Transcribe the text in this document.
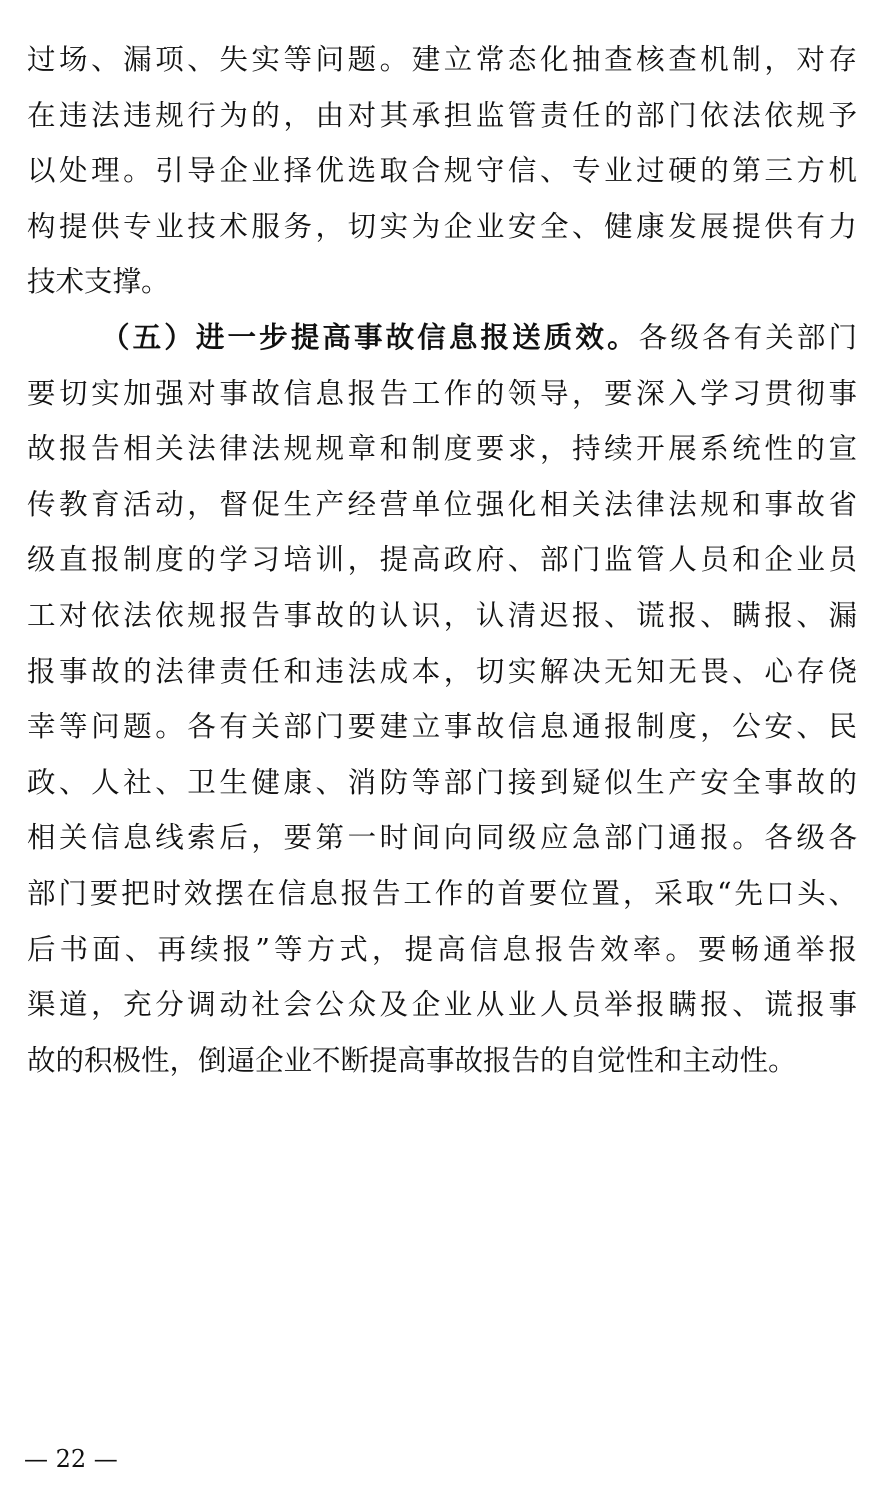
过场、漏项、失实等问题。建立常态化抽查核查机制，对存
在违法违规行为的，由对其承担监管责任的部门依法依规予
以处理。引导企业择优选取合规守信、专业过硬的第三方机
构提供专业技术服务，切实为企业安全、健康发展提供有力
技术支撑。
（五）进一步提高事故信息报送质效。各级各有关部门
要切实加强对事故信息报告工作的领导，要深入学习贯彻事
故报告相关法律法规规章和制度要求，持续开展系统性的宣
传教育活动，督促生产经营单位强化相关法律法规和事故省
级直报制度的学习培训，提高政府、部门监管人员和企业员
工对依法依规报告事故的认识，认清迟报、谎报、瞒报、漏
报事故的法律责任和违法成本，切实解决无知无畏、心存侥
幸等问题。各有关部门要建立事故信息通报制度，公安、民
政、人社、卫生健康、消防等部门接到疑似生产安全事故的
相关信息线索后，要第一时间向同级应急部门通报。各级各
部门要把时效摆在信息报告工作的首要位置，采取“先口头、
后书面、再续报”等方式，提高信息报告效率。要畅通举报
渠道，充分调动社会公众及企业从业人员举报瞒报、谎报事
故的积极性，倒逼企业不断提高事故报告的自觉性和主动性。
— 22 —
